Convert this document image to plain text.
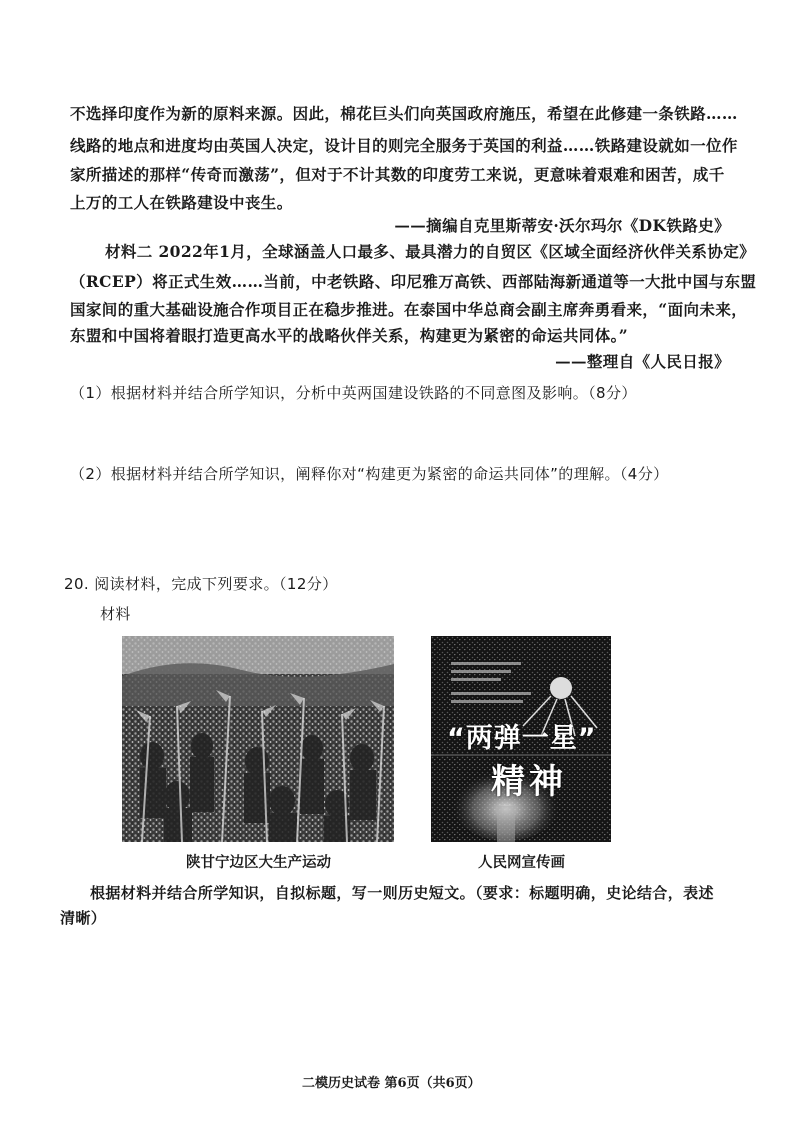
不选择印度作为新的原料来源。因此，棉花巨头们向英国政府施压，希望在此修建一条铁路……
线路的地点和进度均由英国人决定，设计目的则完全服务于英国的利益……铁路建设就如一位作
家所描述的那样“传奇而激荡”，但对于不计其数的印度劳工来说，更意味着艰难和困苦，成千
上万的工人在铁路建设中丧生。
——摘编自克里斯蒂安·沃尔玛尔《DK铁路史》
材料二 2022年1月，全球涵盖人口最多、最具潜力的自贸区《区域全面经济伙伴关系协定》
（RCEP）将正式生效……当前，中老铁路、印尼雅万高铁、西部陆海新通道等一大批中国与东盟
国家间的重大基础设施合作项目正在稳步推进。在泰国中华总商会副主席奔勇看来，“面向未来，
东盟和中国将着眼打造更高水平的战略伙伴关系，构建更为紧密的命运共同体。”
——整理自《人民日报》
（1）根据材料并结合所学知识，分析中英两国建设铁路的不同意图及影响。（8分）
（2）根据材料并结合所学知识，阐释你对“构建更为紧密的命运共同体”的理解。（4分）
20. 阅读材料，完成下列要求。（12分）
材料
陕甘宁边区大生产运动
“两弹一星”
精神
人民网宣传画
根据材料并结合所学知识，自拟标题，写一则历史短文。（要求：标题明确，史论结合，表述
清晰）
二模历史试卷 第6页（共6页）
